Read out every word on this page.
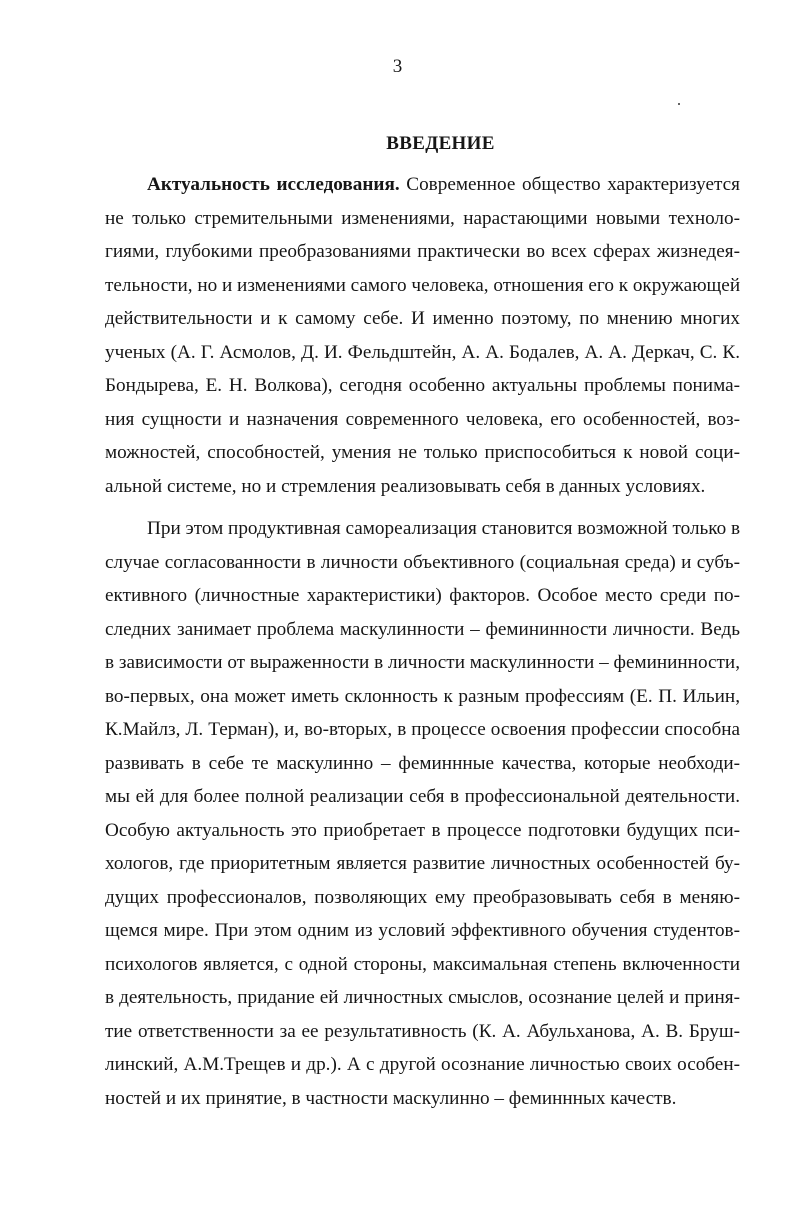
3
ВВЕДЕНИЕ
Актуальность исследования. Современное общество характеризуется
не только стремительными изменениями, нарастающими новыми техноло-
гиями, глубокими преобразованиями практически во всех сферах жизнедея-
тельности, но и изменениями самого человека, отношения его к окружающей
действительности и к самому себе. И именно поэтому, по мнению многих
ученых (А. Г. Асмолов, Д. И. Фельдштейн, А. А. Бодалев, А. А. Деркач, С. К.
Бондырева, Е. Н. Волкова), сегодня особенно актуальны проблемы понима-
ния сущности и назначения современного человека, его особенностей, воз-
можностей, способностей, умения не только приспособиться к новой соци-
альной системе, но и стремления реализовывать себя в данных условиях.
При этом продуктивная самореализация становится возможной только в
случае согласованности в личности объективного (социальная среда) и субъ-
ективного (личностные характеристики) факторов. Особое место среди по-
следних занимает проблема маскулинности – фемининности личности. Ведь
в зависимости от выраженности в личности маскулинности – фемининности,
во-первых, она может иметь склонность к разным профессиям (Е. П. Ильин,
К.Майлз, Л. Терман), и, во-вторых, в процессе освоения профессии способна
развивать в себе те маскулинно – феминнные качества, которые необходи-
мы ей для более полной реализации себя в профессиональной деятельности.
Особую актуальность это приобретает в процессе подготовки будущих пси-
хологов, где приоритетным является развитие личностных особенностей бу-
дущих профессионалов, позволяющих ему преобразовывать себя в меняю-
щемся мире. При этом одним из условий эффективного обучения студентов-
психологов является, с одной стороны, максимальная степень включенности
в деятельность, придание ей личностных смыслов, осознание целей и приня-
тие ответственности за ее результативность (К. А. Абульханова, А. В. Бруш-
линский, А.М.Трещев и др.). А с другой осознание личностью своих особен-
ностей и их принятие, в частности маскулинно – феминнных качеств.
